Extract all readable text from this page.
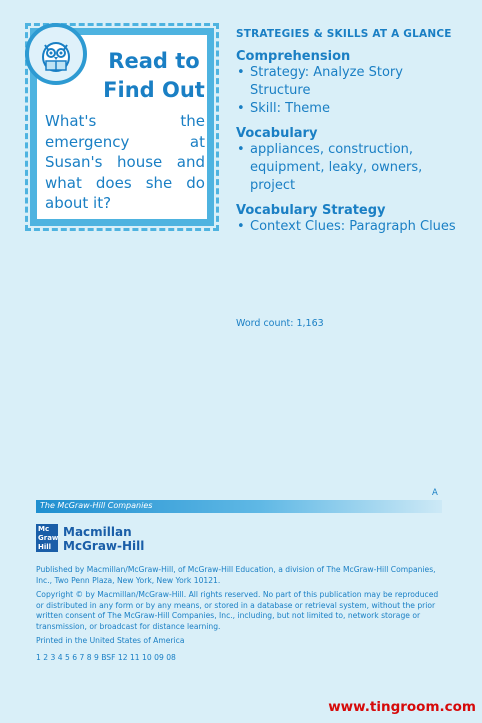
Read to
Find Out
What's the
emergency at
Susan's house and
what does she do
about it?
STRATEGIES & SKILLS AT A GLANCE
Comprehension
• Strategy: Analyze Story Structure
• Skill: Theme
Vocabulary
• appliances, construction, equipment, leaky, owners, project
Vocabulary Strategy
• Context Clues: Paragraph Clues
Word count: 1,163
A
The McGraw-Hill Companies
Mc
Graw
Hill
Macmillan
McGraw-Hill
Published by Macmillan/McGraw-Hill, of McGraw-Hill Education, a division of The McGraw-Hill Companies, Inc., Two Penn Plaza, New York, New York 10121.
Copyright © by Macmillan/McGraw-Hill. All rights reserved. No part of this publication may be reproduced or distributed in any form or by any means, or stored in a database or retrieval system, without the prior written consent of The McGraw-Hill Companies, Inc., including, but not limited to, network storage or transmission, or broadcast for distance learning.
Printed in the United States of America
1 2 3 4 5 6 7 8 9 BSF 12 11 10 09 08
www.tingroom.com
